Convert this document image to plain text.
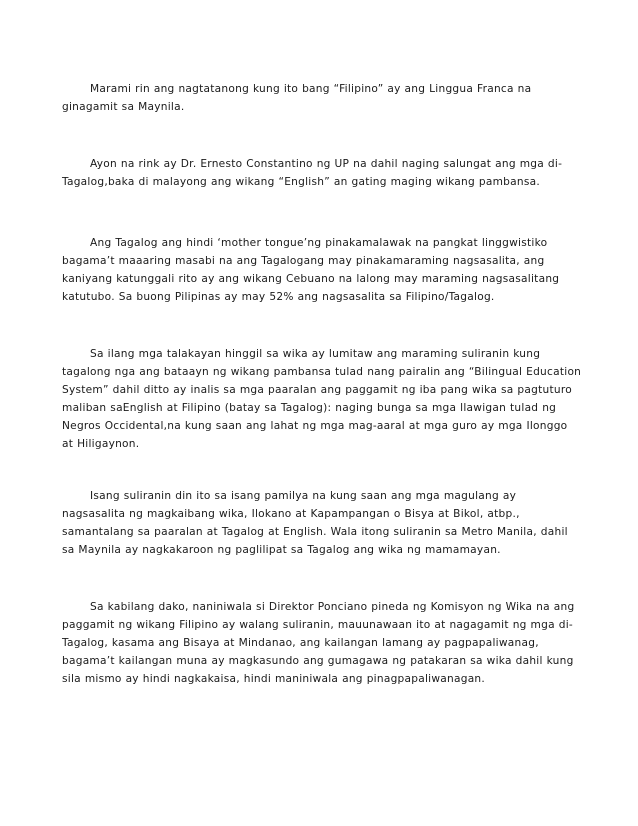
Marami rin ang nagtatanong kung ito bang “Filipino” ay ang Linggua Franca na
ginagamit sa Maynila.

Ayon na rink ay Dr. Ernesto Constantino ng UP na dahil naging salungat ang mga di-
Tagalog,baka di malayong ang wikang “English” an gating maging wikang pambansa.

Ang Tagalog ang hindi ‘mother tongue’ng pinakamalawak na pangkat linggwistiko
bagama’t maaaring masabi na ang Tagalogang may pinakamaraming nagsasalita, ang
kaniyang katunggali rito ay ang wikang Cebuano na lalong may maraming nagsasalitang
katutubo. Sa buong Pilipinas ay may 52% ang nagsasalita sa Filipino/Tagalog.

Sa ilang mga talakayan hinggil sa wika ay lumitaw ang maraming suliranin kung
tagalong nga ang bataayn ng wikang pambansa tulad nang pairalin ang “Bilingual Education
System” dahil ditto ay inalis sa mga paaralan ang paggamit ng iba pang wika sa pagtuturo
maliban saEnglish at Filipino (batay sa Tagalog): naging bunga sa mga llawigan tulad ng
Negros Occidental,na kung saan ang lahat ng mga mag-aaral at mga guro ay mga Ilonggo
at Hiligaynon.

Isang suliranin din ito sa isang pamilya na kung saan ang mga magulang ay
nagsasalita ng magkaibang wika, Ilokano at Kapampangan o Bisya at Bikol, atbp.,
samantalang sa paaralan at Tagalog at English. Wala itong suliranin sa Metro Manila, dahil
sa Maynila ay nagkakaroon ng paglilipat sa Tagalog ang wika ng mamamayan.

Sa kabilang dako, naniniwala si Direktor Ponciano pineda ng Komisyon ng Wika na ang
paggamit ng wikang Filipino ay walang suliranin, mauunawaan ito at nagagamit ng mga di-
Tagalog, kasama ang Bisaya at Mindanao, ang kailangan lamang ay pagpapaliwanag,
bagama’t kailangan muna ay magkasundo ang gumagawa ng patakaran sa wika dahil kung
sila mismo ay hindi nagkakaisa, hindi maniniwala ang pinagpapaliwanagan.
